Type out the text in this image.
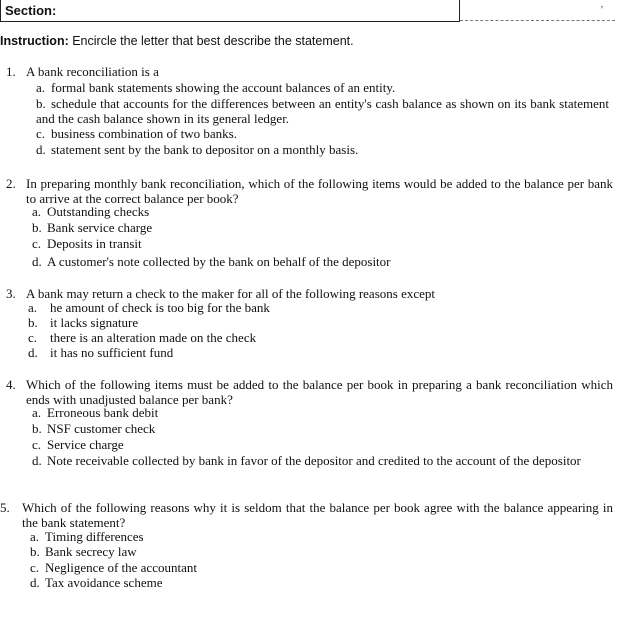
Section:	'
Instruction: Encircle the letter that best describe the statement.
1. A bank reconciliation is a
a. formal bank statements showing the account balances of an entity.
b. schedule that accounts for the differences between an entity's cash balance as shown on its bank statement and the cash balance shown in its general ledger.
c. business combination of two banks.
d. statement sent by the bank to depositor on a monthly basis.
2. In preparing monthly bank reconciliation, which of the following items would be added to the balance per bank to arrive at the correct balance per book?
a. Outstanding checks
b. Bank service charge
c. Deposits in transit
d. A customer's note collected by the bank on behalf of the depositor
3. A bank may return a check to the maker for all of the following reasons except
a. he amount of check is too big for the bank
b. it lacks signature
c. there is an alteration made on the check
d. it has no sufficient fund
4. Which of the following items must be added to the balance per book in preparing a bank reconciliation which ends with unadjusted balance per bank?
a. Erroneous bank debit
b. NSF customer check
c. Service charge
d. Note receivable collected by bank in favor of the depositor and credited to the account of the depositor
5. Which of the following reasons why it is seldom that the balance per book agree with the balance appearing in the bank statement?
a. Timing differences
b. Bank secrecy law
c. Negligence of the accountant
d. Tax avoidance scheme
